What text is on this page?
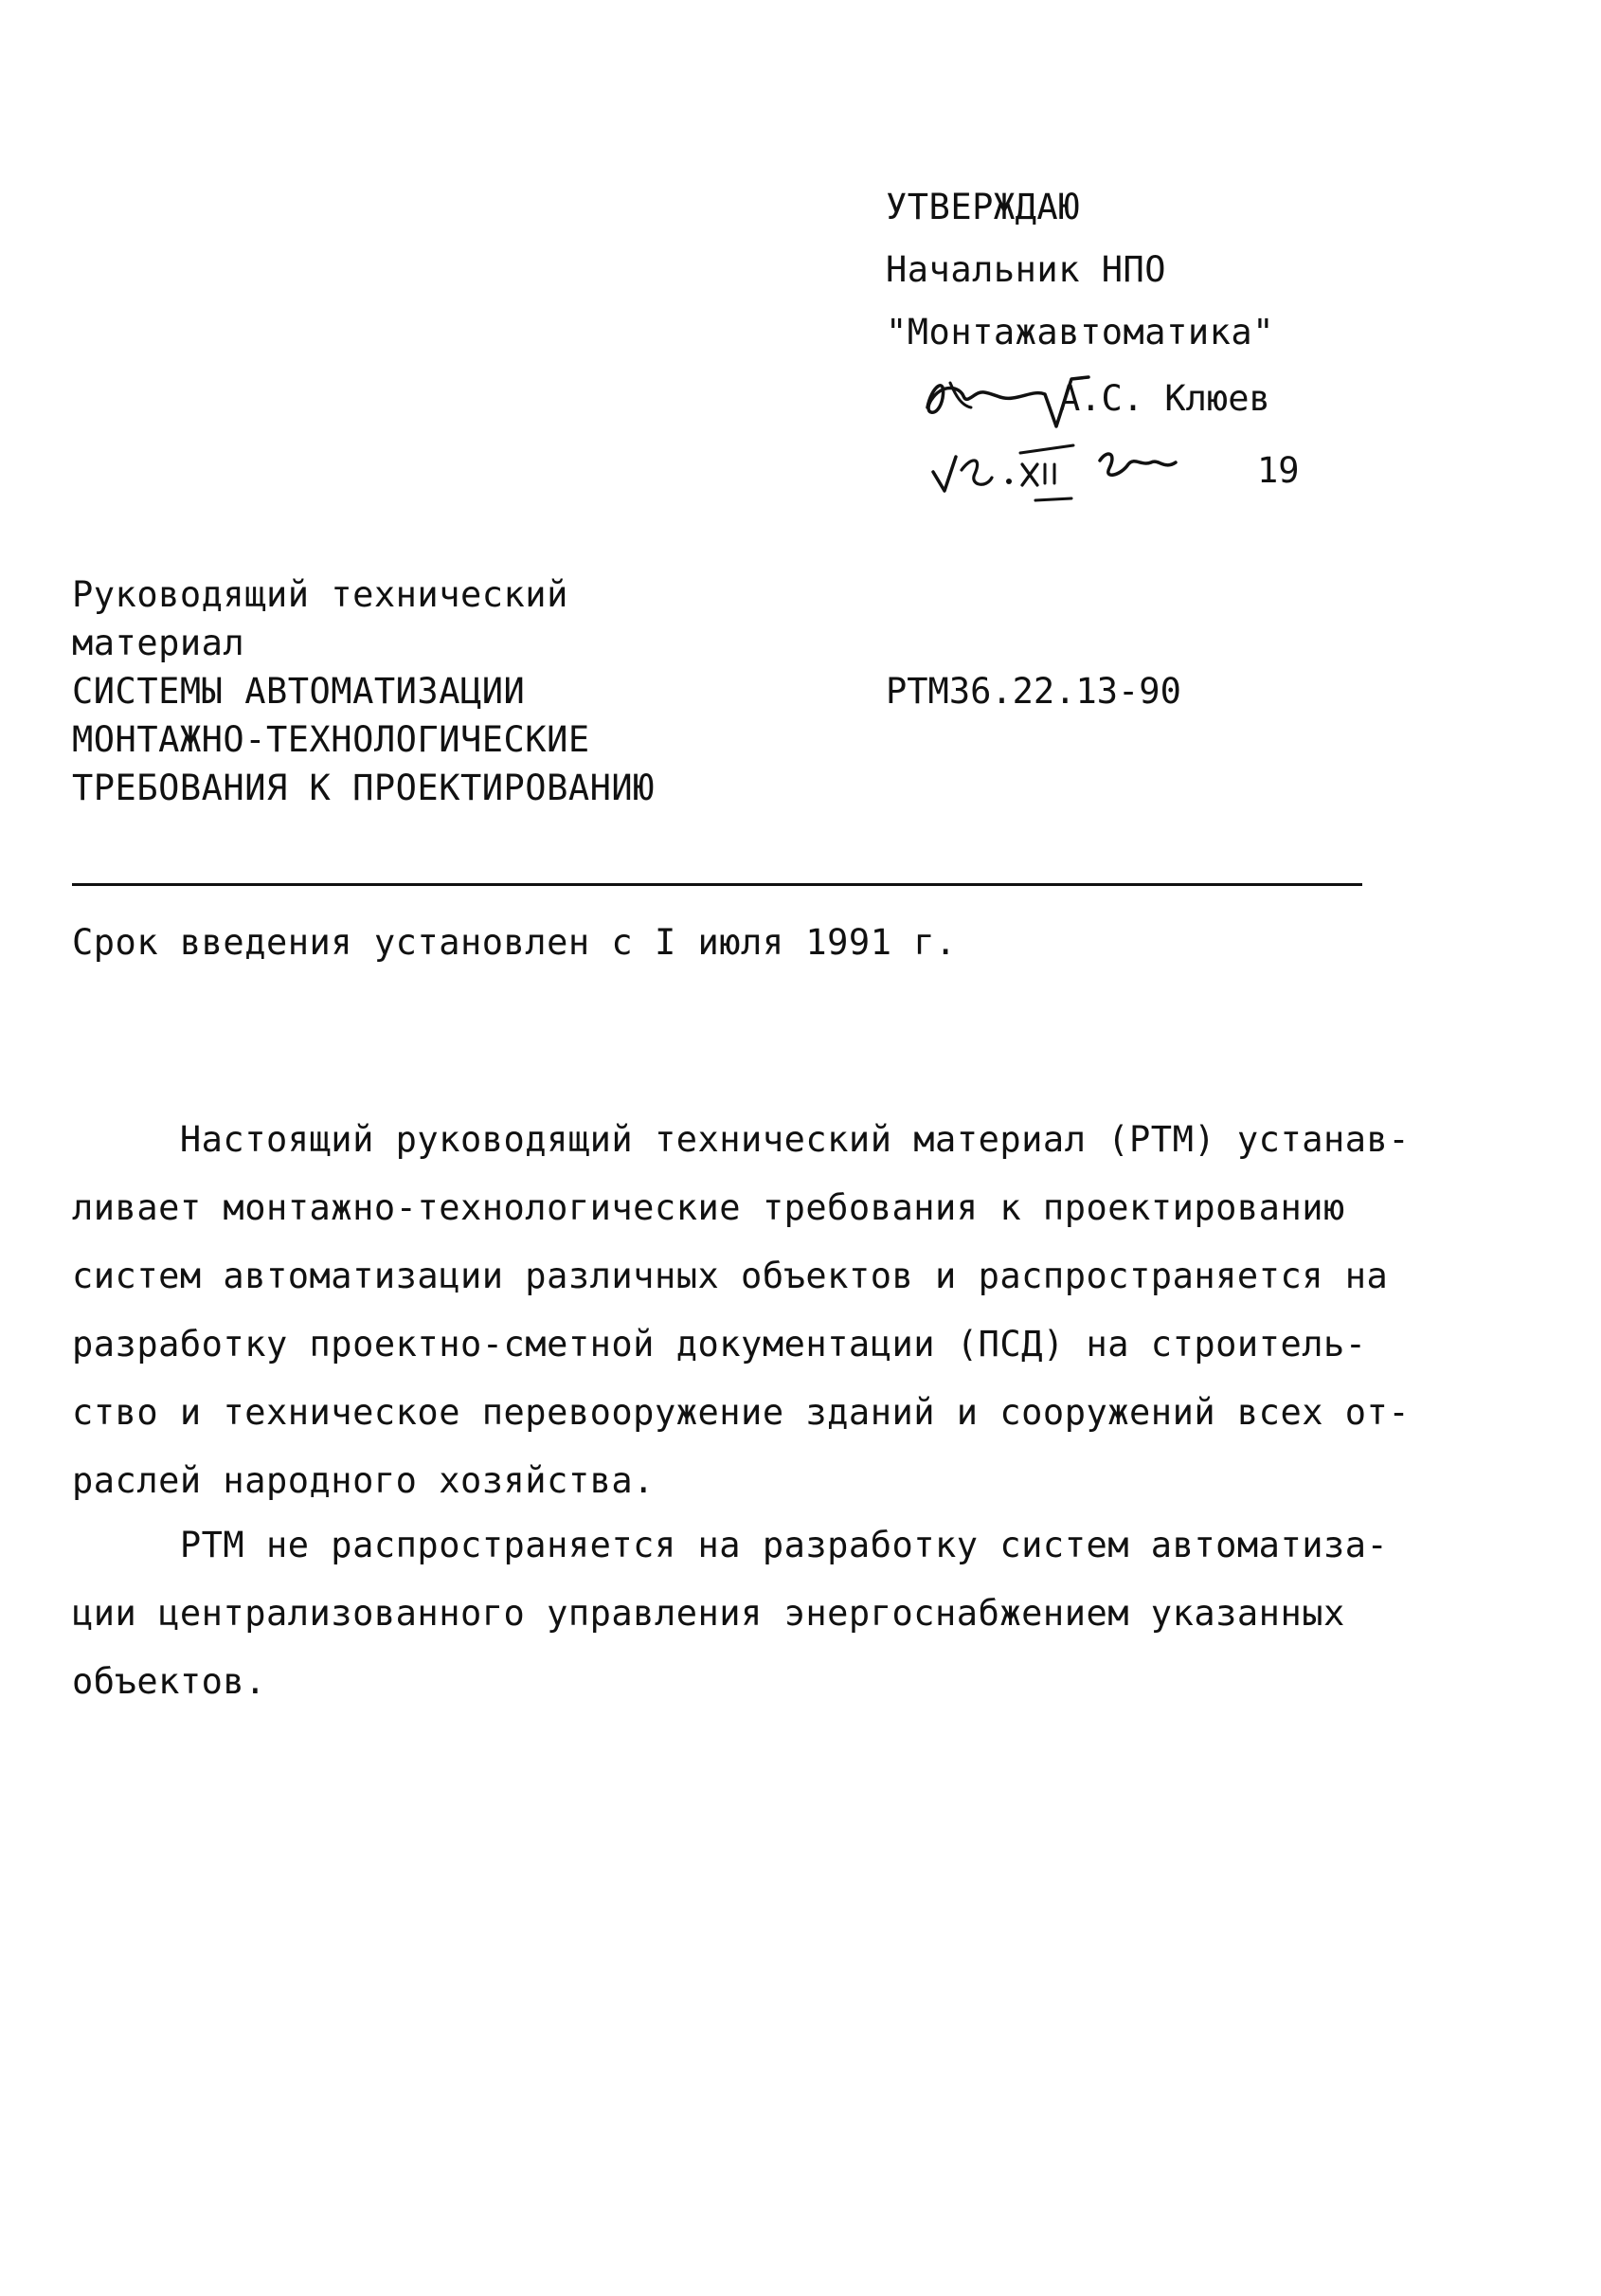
УТВЕРЖДАЮ
Начальник НПО
"Монтажавтоматика"
А.С. Клюев
19
Руководящий технический
материал
СИСТЕМЫ АВТОМАТИЗАЦИИ
МОНТАЖНО-ТЕХНОЛОГИЧЕСКИЕ
ТРЕБОВАНИЯ К ПРОЕКТИРОВАНИЮ
РТМ36.22.13-90
Срок введения установлен с I июля 1991 г.
Настоящий руководящий технический материал (РТМ) устанав-
ливает монтажно-технологические требования к проектированию
систем автоматизации различных объектов и распространяется на
разработку проектно-сметной документации (ПСД) на строитель-
ство и техническое перевооружение зданий и сооружений всех от-
раслей народного хозяйства.
РТМ не распространяется на разработку систем автоматиза-
ции централизованного управления энергоснабжением указанных
объектов.
